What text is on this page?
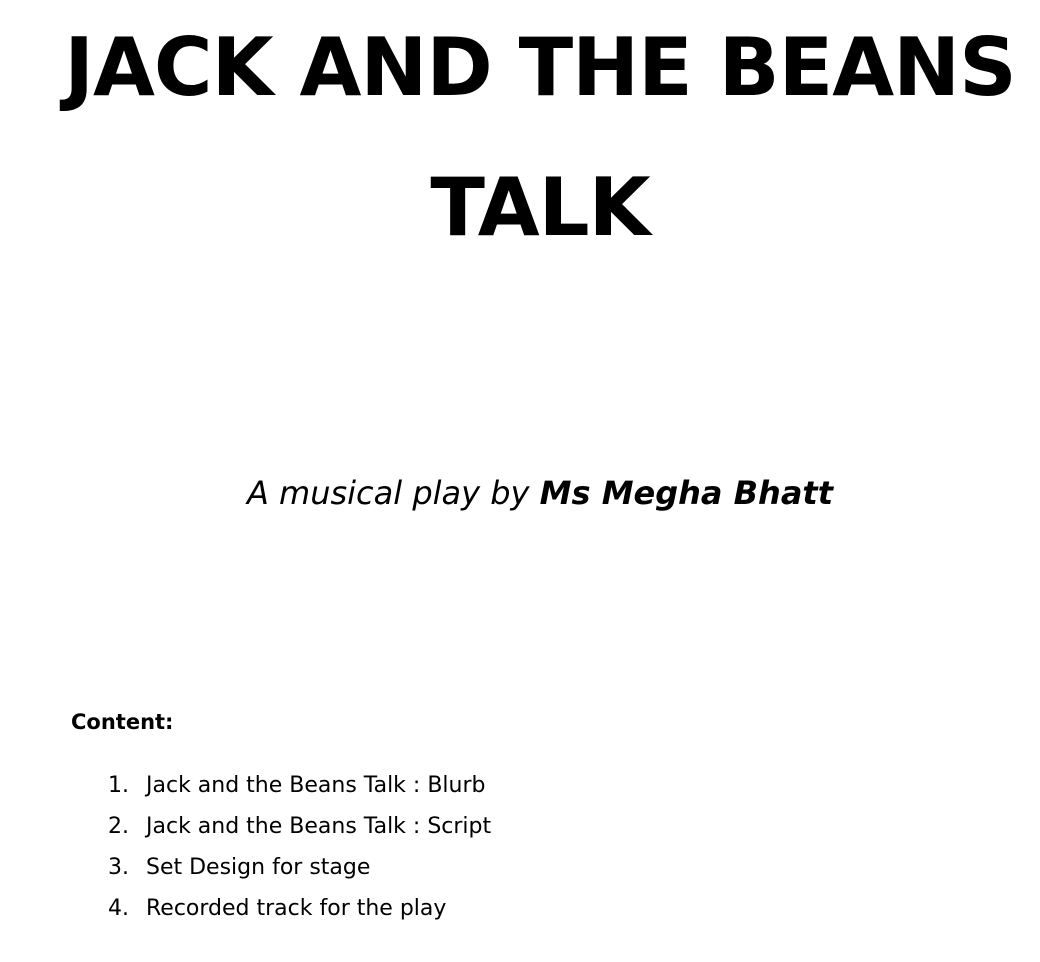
JACK AND THE BEANS
TALK
A musical play by Ms Megha Bhatt
Content:
1. Jack and the Beans Talk : Blurb
2. Jack and the Beans Talk : Script
3. Set Design for stage
4. Recorded track for the play
